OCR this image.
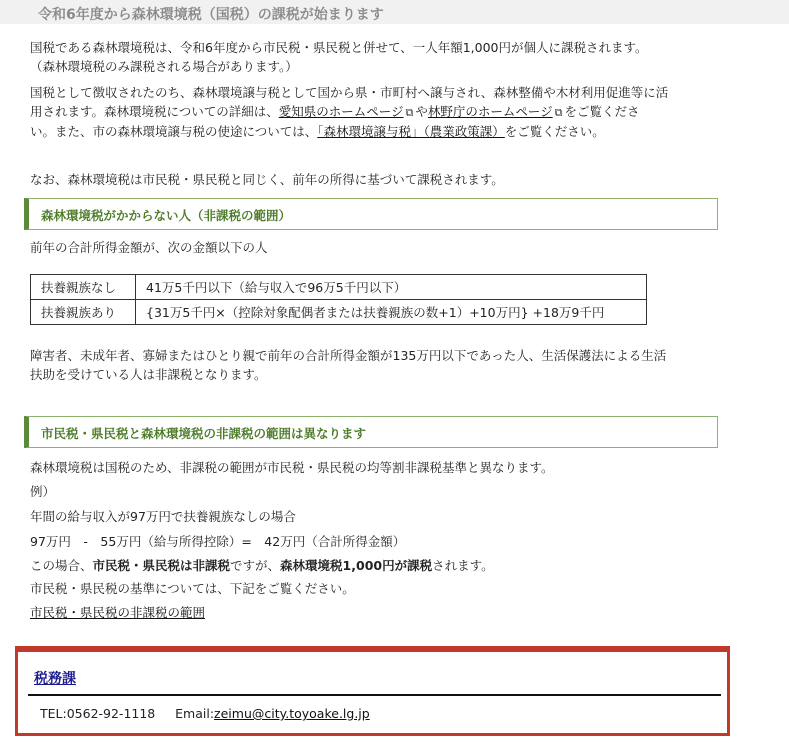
令和6年度から森林環境税（国税）の課税が始まります

国税である森林環境税は、令和6年度から市民税・県民税と併せて、一人年額1,000円が個人に課税されます。
（森林環境税のみ課税される場合があります。）

国税として徴収されたのち、森林環境譲与税として国から県・市町村へ譲与され、森林整備や木材利用促進等に活
用されます。森林環境税についての詳細は、愛知県のホームページ ⧉ や林野庁のホームページ ⧉ をご覧くださ
い。また、市の森林環境譲与税の使途については、「森林環境譲与税」（農業政策課）をご覧ください。

なお、森林環境税は市民税・県民税と同じく、前年の所得に基づいて課税されます。

森林環境税がかからない人（非課税の範囲）

前年の合計所得金額が、次の金額以下の人

扶養親族なし	41万5千円以下（給与収入で96万5千円以下）
扶養親族あり	{31万5千円×（控除対象配偶者または扶養親族の数+1）+10万円} +18万9千円

障害者、未成年者、寡婦またはひとり親で前年の合計所得金額が135万円以下であった人、生活保護法による生活
扶助を受けている人は非課税となります。

市民税・県民税と森林環境税の非課税の範囲は異なります

森林環境税は国税のため、非課税の範囲が市民税・県民税の均等割非課税基準と異なります。

例）

年間の給与収入が97万円で扶養親族なしの場合

97万円　-　55万円（給与所得控除）=　42万円（合計所得金額）

この場合、市民税・県民税は非課税ですが、森林環境税1,000円が課税されます。

市民税・県民税の基準については、下記をご覧ください。

市民税・県民税の非課税の範囲

税務課
TEL:0562-92-1118 Email:zeimu@city.toyoake.lg.jp
